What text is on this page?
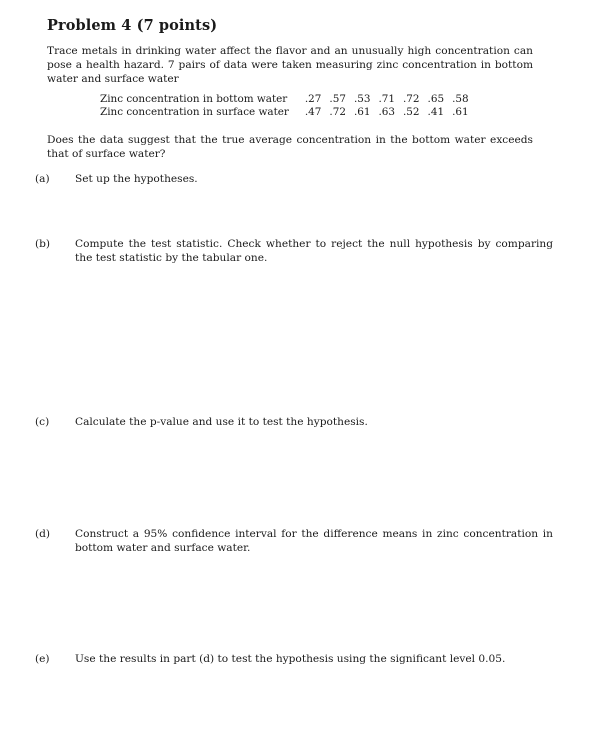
Problem 4 (7 points)
Trace metals in drinking water affect the flavor and an unusually high concentration can pose a health hazard. 7 pairs of data were taken measuring zinc concentration in bottom water and surface water
Zinc concentration in bottom water	.27	.57	.53	.71	.72	.65	.58
Zinc concentration in surface water	.47	.72	.61	.63	.52	.41	.61
Does the data suggest that the true average concentration in the bottom water exceeds that of surface water?
(a) Set up the hypotheses.
(b) Compute the test statistic. Check whether to reject the null hypothesis by comparing the test statistic by the tabular one.
(c) Calculate the p-value and use it to test the hypothesis.
(d) Construct a 95% confidence interval for the difference means in zinc concentration in bottom water and surface water.
(e) Use the results in part (d) to test the hypothesis using the significant level 0.05.
